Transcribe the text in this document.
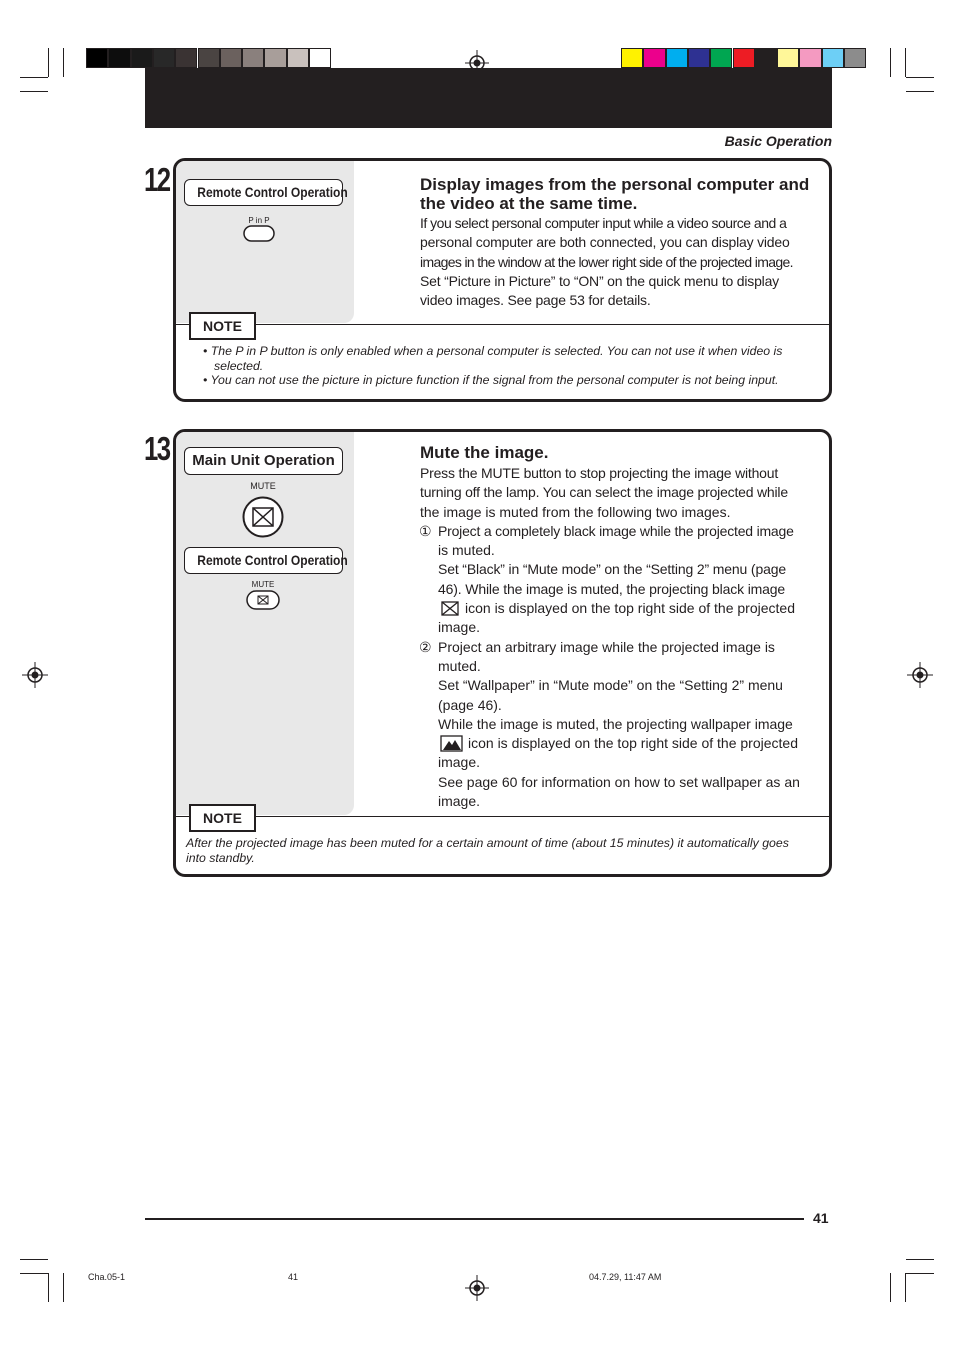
Basic Operation
12	Remote Control Operation
P in P
Display images from the personal computer and the video at the same time.
If you select personal computer input while a video source and a
personal computer are both connected, you can display video
images in the window at the lower right side of the projected image.
Set “Picture in Picture” to “ON” on the quick menu to display
video images. See page 53 for details.
NOTE
• The P in P button is only enabled when a personal computer is selected. You can not use it when video is
selected.
• You can not use the picture in picture function if the signal from the personal computer is not being input.
13	Main Unit Operation
MUTE
Remote Control Operation
MUTE
Mute the image.
Press the MUTE button to stop projecting the image without
turning off the lamp. You can select the image projected while
the image is muted from the following two images.
① Project a completely black image while the projected image
is muted.
Set “Black” in “Mute mode” on the “Setting 2” menu (page
46). While the image is muted, the projecting black image
icon is displayed on the top right side of the projected
image.
② Project an arbitrary image while the projected image is
muted.
Set “Wallpaper” in “Mute mode” on the “Setting 2” menu
(page 46).
While the image is muted, the projecting wallpaper image
icon is displayed on the top right side of the projected
image.
See page 60 for information on how to set wallpaper as an
image.
NOTE
After the projected image has been muted for a certain amount of time (about 15 minutes) it automatically goes
into standby.
41
Cha.05-1	41	04.7.29, 11:47 AM
